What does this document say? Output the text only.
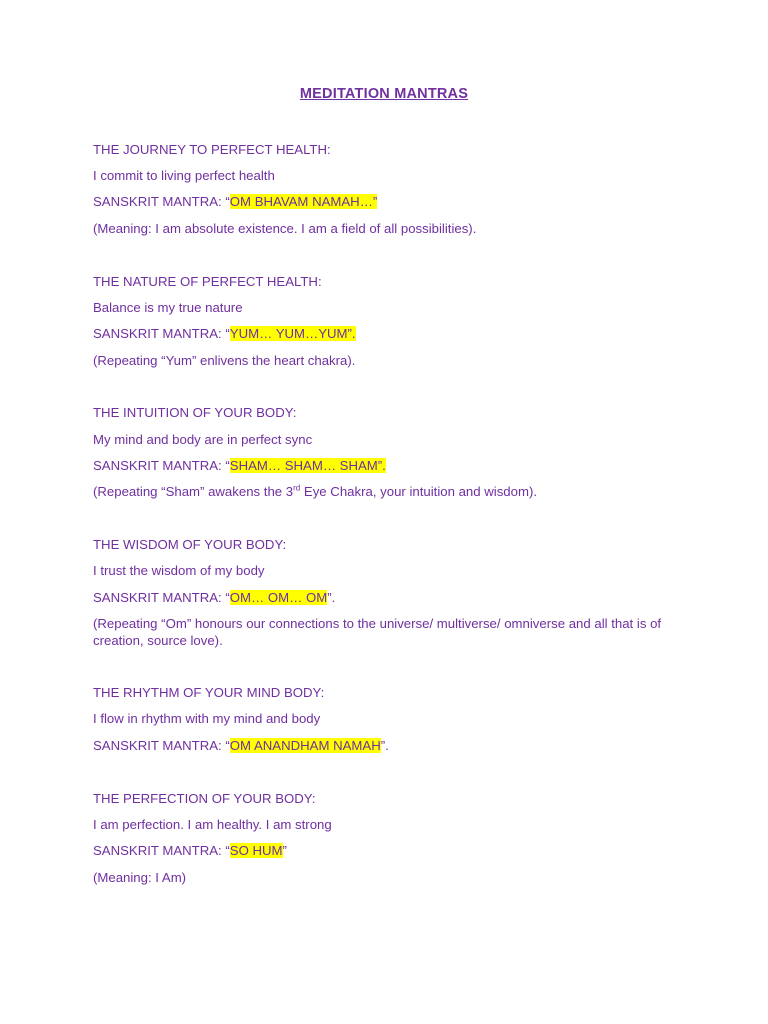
MEDITATION MANTRAS
THE JOURNEY TO PERFECT HEALTH:
I commit to living perfect health
SANSKRIT MANTRA: “OM BHAVAM NAMAH…”
(Meaning: I am absolute existence. I am a field of all possibilities).
THE NATURE OF PERFECT HEALTH:
Balance is my true nature
SANSKRIT MANTRA: “YUM… YUM…YUM”.
(Repeating “Yum” enlivens the heart chakra).
THE INTUITION OF YOUR BODY:
My mind and body are in perfect sync
SANSKRIT MANTRA: “SHAM… SHAM… SHAM”.
(Repeating “Sham” awakens the 3rd Eye Chakra, your intuition and wisdom).
THE WISDOM OF YOUR BODY:
I trust the wisdom of my body
SANSKRIT MANTRA: “OM… OM… OM”.
(Repeating “Om” honours our connections to the universe/ multiverse/ omniverse and all that is of creation, source love).
THE RHYTHM OF YOUR MIND BODY:
I flow in rhythm with my mind and body
SANSKRIT MANTRA: “OM ANANDHAM NAMAH”.
THE PERFECTION OF YOUR BODY:
I am perfection. I am healthy. I am strong
SANSKRIT MANTRA: “SO HUM”
(Meaning: I Am)
